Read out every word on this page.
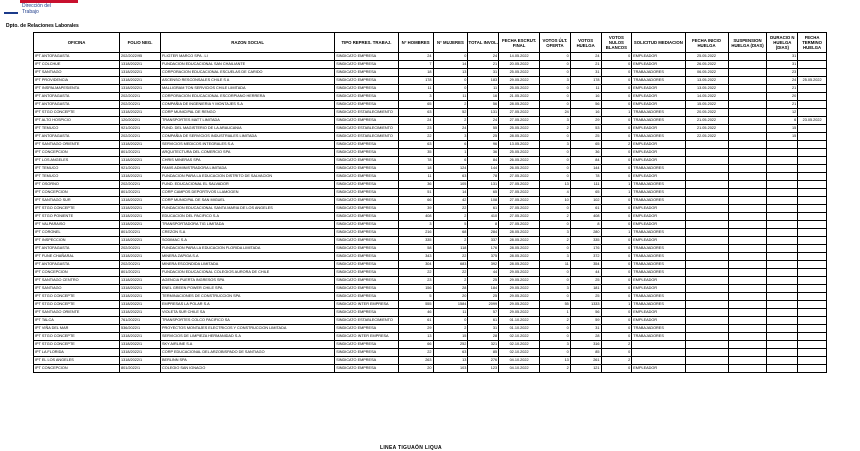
Dirección del
Trabajo
Dpto. de Relaciones Laborales
OFICINA	FOLIO NEG.	RAZON SOCIAL	TIPO REPRES. TRABAJ.	N° HOMBRES	N° MUJERES	TOTAL INVOL.	FECHA ESCRUT. FINAL	VOTOS ÚLT. OFERTA	VOTOS HUELGA	VOTOS NULOS BLANCOS	SOLICITUD MEDIACION	FECHA INICIO HUELGA	SUSPENSION HUELGA (DIAS)	DURACIO N HUELGA (DIAS)	FECHA TERMINO HUELGA
IPT ANTOFAGASTA	202/2022/95	FLIGTER MARCO SPA . LI	SINDICATO EMPRESA	24	0	24	14.05.2022	0	24	0	EMPLEADOR	25.05.2022		31	
IPT COLCHUE	1318/2022/1	FUNDACION EDUCACIONAL SAN CHAILIANTE	SINDICATO EMPRESA	7	14	21	20.05.2022	0	21	0	EMPLEADOR	26.05.2022		31	
IPT SANTIAGO	1318/2022/1	CORPORACION EDUCACIONAL ESCUELAS DE CARIDO	SINDICATO EMPRESA	18	13	31	25.05.2022	0	31	0	TRABAJADORES	06.05.2022		23	
IPT PROVIDENCIA	1318/2022/1	ASCENSO RESCONSALES CHILE S A	SINDICATO EMPRESA	178	0	183	29.05.2022	3	178	0	TRABAJADORES	13.05.2022		24	25.05.2022
IPT INSPALMAPESIENTA	1318/2022/1	MALLIGRAM TON SERVICIOS CHILE LIMITADA	SINDICATO EMPRESA	11	0	11	25.05.2022	0	11	0	EMPLEADOR	13.05.2022		21	
IPT ANTOFAGASTA	202/2022/1	CORPORACION EDUCACIONAL ESCORPIANO HERRERA	SINDICATO EMPRESA	3	11	16	21.05.2022	0	16	0	EMPLEADOR	14.05.2022		20	
IPT ANTOFAGASTA	202/2022/1	COMPAÑIA DE INGENIERIA Y MONTAJES S.A	SINDICATO EMPRESA	65	2	56	28.05.2022	0	56	0	EMPLEADOR	15.05.2022		21	
IPT STGO CONCEPTE	1318/2022/1	CORP MUNICIPAL DE RENGO	SINDICATO ESTABLECIMIENTO	63	52	131	27.05.2022	24	16	1	TRABAJADORES	20.05.2022		12	
IPT ALTO HOSPICIO	120/2022/1	TRANSPORTES MATT LIMITADA	SINDICATO EMPRESA	24	2	24	27.05.2022	3	29	0	TRABAJADORES	21.05.2022		6	23.05.2022
IPT TEMUCO	921/2022/1	FUND. DEL MAGISTERIO DE LA ARAUCANIA	SINDICATO ESTABLECIMIENTO	23	24	55	25.05.2022	2	53	0	EMPLEADOR	21.05.2022		15	
IPT ANTOFAGASTA	202/2022/1	COMPAÑIA DE SERVICIOS INDUSTRIALES LIMITADA	SINDICATO ESTABLECIMIENTO	22	3	25	28.05.2022	0	25	0	TRABAJADORES	22.05.2022		15	
IPT SANTIAGO ORIENTE	1318/2022/1	SERVICIOS MEDICOS INTEGRALES S.A	SINDICATO EMPRESA	63	6	96	13.05.2022	3	65	2	EMPLEADOR				
IPT CONCEPCION	801/2022/1	ARQUITECTURA DEL COMERCIO SPA	SINDICATO EMPRESA	35	1	36	25.05.2022	0	36	0	EMPLEADOR				
IPT LOS ANGELES	1318/2022/1	CHRIS MINERAS SPA	SINDICATO EMPRESA	78	6	84	26.05.2022	0	84	0	EMPLEADOR				
IPT TEMUCO	921/2022/1	FAMIS ADMINISTRADORA LIMITADA	SINDICATO EMPRESA	18	124	144	26.05.2022	0	144	0	TRABAJADORES				
IPT TEMUCO	1318/2022/1	FUNDACION PARA LA EDUCACION DISTRITO DE SALVACION	SINDICATO EMPRESA	11	63	78	27.05.2022	0	78	0	EMPLEADOR				
IPT OSORNO	202/2022/1	FUND. EDUCACIONAL EL SALVADOR	SINDICATO EMPRESA	36	105	131	27.05.2022	13	111	1	TRABAJADORES				
IPT CONCEPCION	801/2022/1	CORP CAMPOS DEPORTIVOS LLAMOGEN	SINDICATO EMPRESA	51	14	65	27.05.2022	4	65	1	TRABAJADORES				
IPT SANTIAGO SUR	1318/2022/1	CORP MUNICIPAL DE SAN MIGUEL	SINDICATO EMPRESA	66	42	108	27.05.2022	10	102	0	TRABAJADORES				
IPT STGO CONCEPTE	1318/2022/1	FUNDACION EDUCACIONAL SANTA MARIA DE LOS ANGELES	SINDICATO EMPRESA	39	22	61	27.05.2022	0	61	0	EMPLEADOR				
IPT STGO PONIENTE	1318/2022/1	EDUCACION DEL PACIFICO S.A	SINDICATO EMPRESA	408	2	410	27.05.2022	2	408	0	EMPLEADOR				
IPT VALPARAISO	1318/2022/1	TRANSPORTADORA TIG LIMITADA	SINDICATO EMPRESA	3	5	8	27.05.2022	0	8	0	EMPLEADOR				
IPT CORONEL	801/2022/1	CREZON S.A	SINDICATO EMPRESA	216	68	284	28.05.2022	3	280	1	TRABAJADORES				
IPT INSPECCION	1318/2022/1	SODIMAC S.A	SINDICATO EMPRESA	335	2	337	28.05.2022	2	335	0	EMPLEADOR				
IPT ANTOFAGASTA	202/2022/1	FUNDACION PARA LA EDUCACION FLORIDA LIMITADA	SINDICATO EMPRESA	58	118	176	28.05.2022	0	176	0	TRABAJADORES				
IPT FUNE CHAÑARAL	1318/2022/1	MINERA ZAPIGA S.A	SINDICATO EMPRESA	343	22	375	28.05.2022	3	372	0	TRABAJADORES				
IPT ANTOFAGASTA	202/2022/1	MINERA ESCONDIDA LIMITADA	SINDICATO EMPRESA	304	683	392	28.05.2022	11	354	0	TRABAJADORES				
IPT CONCEPCION	801/2022/1	FUNDACION EDUCACIONAL COLEGIOS AURORA DE CHILE	SINDICATO EMPRESA	22	22	44	29.05.2022	0	44	0	TRABAJADORES				
IPT SANTIAGO CENTRO	1318/2022/1	AGENCIA PUERTA INGRESOS SPA	SINDICATO EMPRESA	23	2	25	29.05.2022	0	25	0	EMPLEADOR				
IPT SANTIAGO	1318/2022/1	ENEL GREEN POWER CHILE SPA	SINDICATO EMPRESA	156	28	184	29.05.2022	3	181	0	EMPLEADOR				
IPT STGO CONCEPTE	1318/2022/1	TERMINACIONES DE CONSTRUCCION SPA	SINDICATO EMPRESA	5	20	25	29.05.2022	0	25	0	TRABAJADORES				
IPT STGO CONCEPTE	1318/2022/1	EMPRESAS LA POLAR S.A	SINDICATO INTER EMPRESA	555	1584	2099	29.05.2022	55	1333	1	TRABAJADORES				
IPT SANTIAGO ORIENTE	1318/2022/1	VIOLETA SUR CHILE SA	SINDICATO EMPRESA	46	11	57	29.05.2022	1	56	0	EMPLEADOR				
IPT TALCA	761/2022/1	TRANSPORTES COLCO PACIFICO SA	SINDICATO ESTABLECIMIENTO	61	0	61	01.10.2022	2	59	0	EMPLEADOR				
IPT VIÑA DEL MAR	536/2022/1	PROYECTOS MONTAJES ELECTRICOS Y CONSTRUCCION LIMITADA	SINDICATO EMPRESA	29	2	31	01.10.2022	0	31	0	TRABAJADORES				
IPT STGO CONCEPTE	1318/2022/1	SERVICIOS DE LIMPIEZA HERMANIDAD S.A	SINDICATO INTER EMPRESA	13	15	28	02.10.2022	0	28	0	TRABAJADORES				
IPT STGO CONCEPTE	1318/2022/1	SKY AIRLINE S.A	SINDICATO EMPRESA	66	252	321	02.10.2022	3	316	2					
IPT LA FLORIDA	1318/2022/1	CORP EDUCACIONAL DEL ARZOBISPADO DE SANTIAGO	SINDICATO EMPRESA	22	63	85	02.10.2022	0	85	0					
IPT EL LOS ANGELES	1318/2022/1	BERLINN SPA	SINDICATO EMPRESA	263	13	276	04.10.2022	13	261	2					
IPT CONCEPCION	801/2022/1	COLEGIO SAN IGNACIO	SINDICATO EMPRESA	20	103	123	04.10.2022	2	121	0	EMPLEADOR				
LINEA TIGUAÓN LIQUA
